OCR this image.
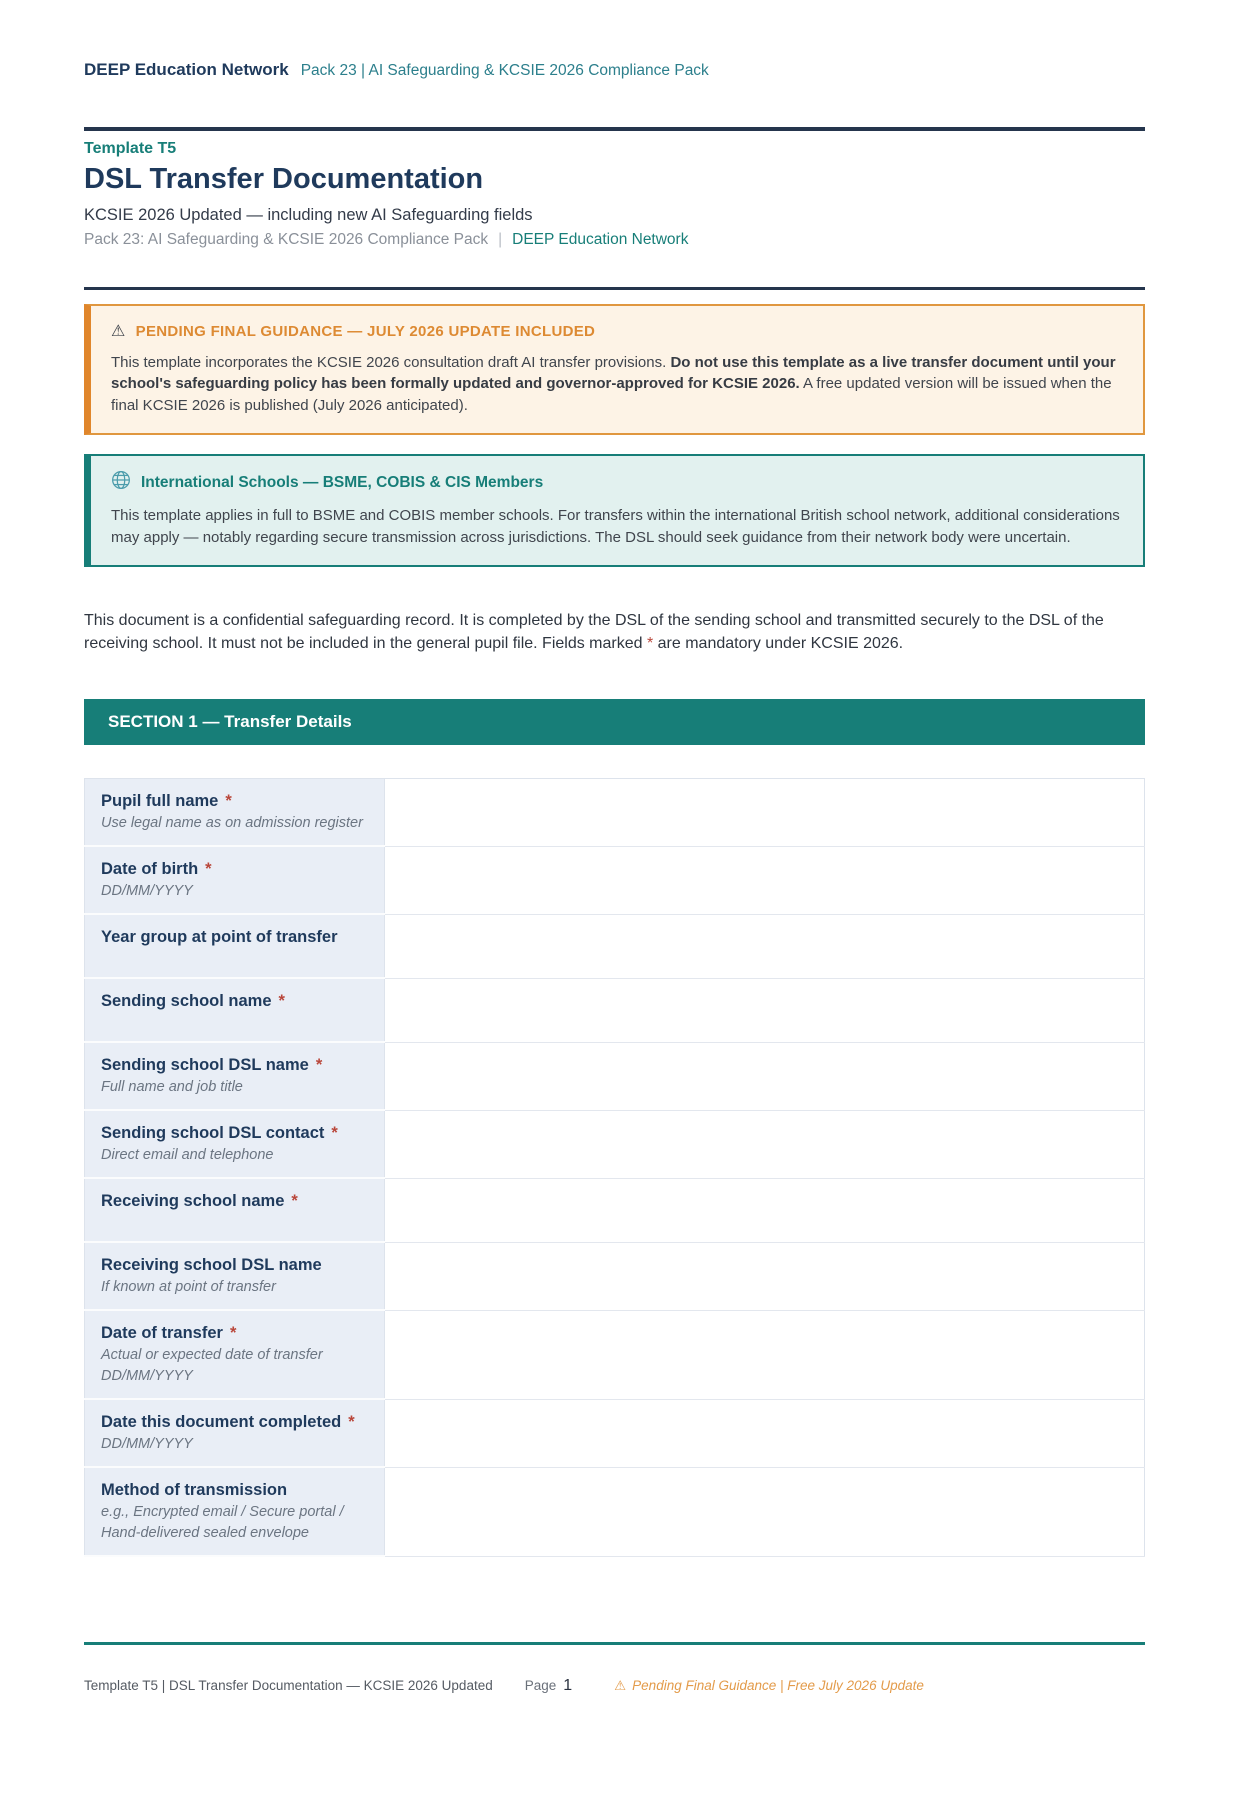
DEEP Education Network Pack 23 | AI Safeguarding & KCSIE 2026 Compliance Pack
Template T5
DSL Transfer Documentation
KCSIE 2026 Updated — including new AI Safeguarding fields
Pack 23: AI Safeguarding & KCSIE 2026 Compliance Pack | DEEP Education Network
⚠ PENDING FINAL GUIDANCE — JULY 2026 UPDATE INCLUDED
This template incorporates the KCSIE 2026 consultation draft AI transfer provisions. Do not use this template as a live transfer document until your school's safeguarding policy has been formally updated and governor-approved for KCSIE 2026. A free updated version will be issued when the final KCSIE 2026 is published (July 2026 anticipated).
International Schools — BSME, COBIS & CIS Members
This template applies in full to BSME and COBIS member schools. For transfers within the international British school network, additional considerations may apply — notably regarding secure transmission across jurisdictions. The DSL should seek guidance from their network body were uncertain.

This document is a confidential safeguarding record. It is completed by the DSL of the sending school and transmitted securely to the DSL of the receiving school. It must not be included in the general pupil file. Fields marked * are mandatory under KCSIE 2026.

SECTION 1 — Transfer Details
Pupil full name *
Use legal name as on admission register	

Date of birth *
DD/MM/YYYY	

Year group at point of transfer	

Sending school name *	

Sending school DSL name *
Full name and job title	

Sending school DSL contact *
Direct email and telephone	

Receiving school name *	

Receiving school DSL name
If known at point of transfer	

Date of transfer *
Actual or expected date of transfer
DD/MM/YYYY	

Date this document completed *
DD/MM/YYYY	

Method of transmission
e.g., Encrypted email / Secure portal /
Hand-delivered sealed envelope	

Template T5 | DSL Transfer Documentation — KCSIE 2026 Updated Page 1	⚠ Pending Final Guidance | Free July 2026 Update
